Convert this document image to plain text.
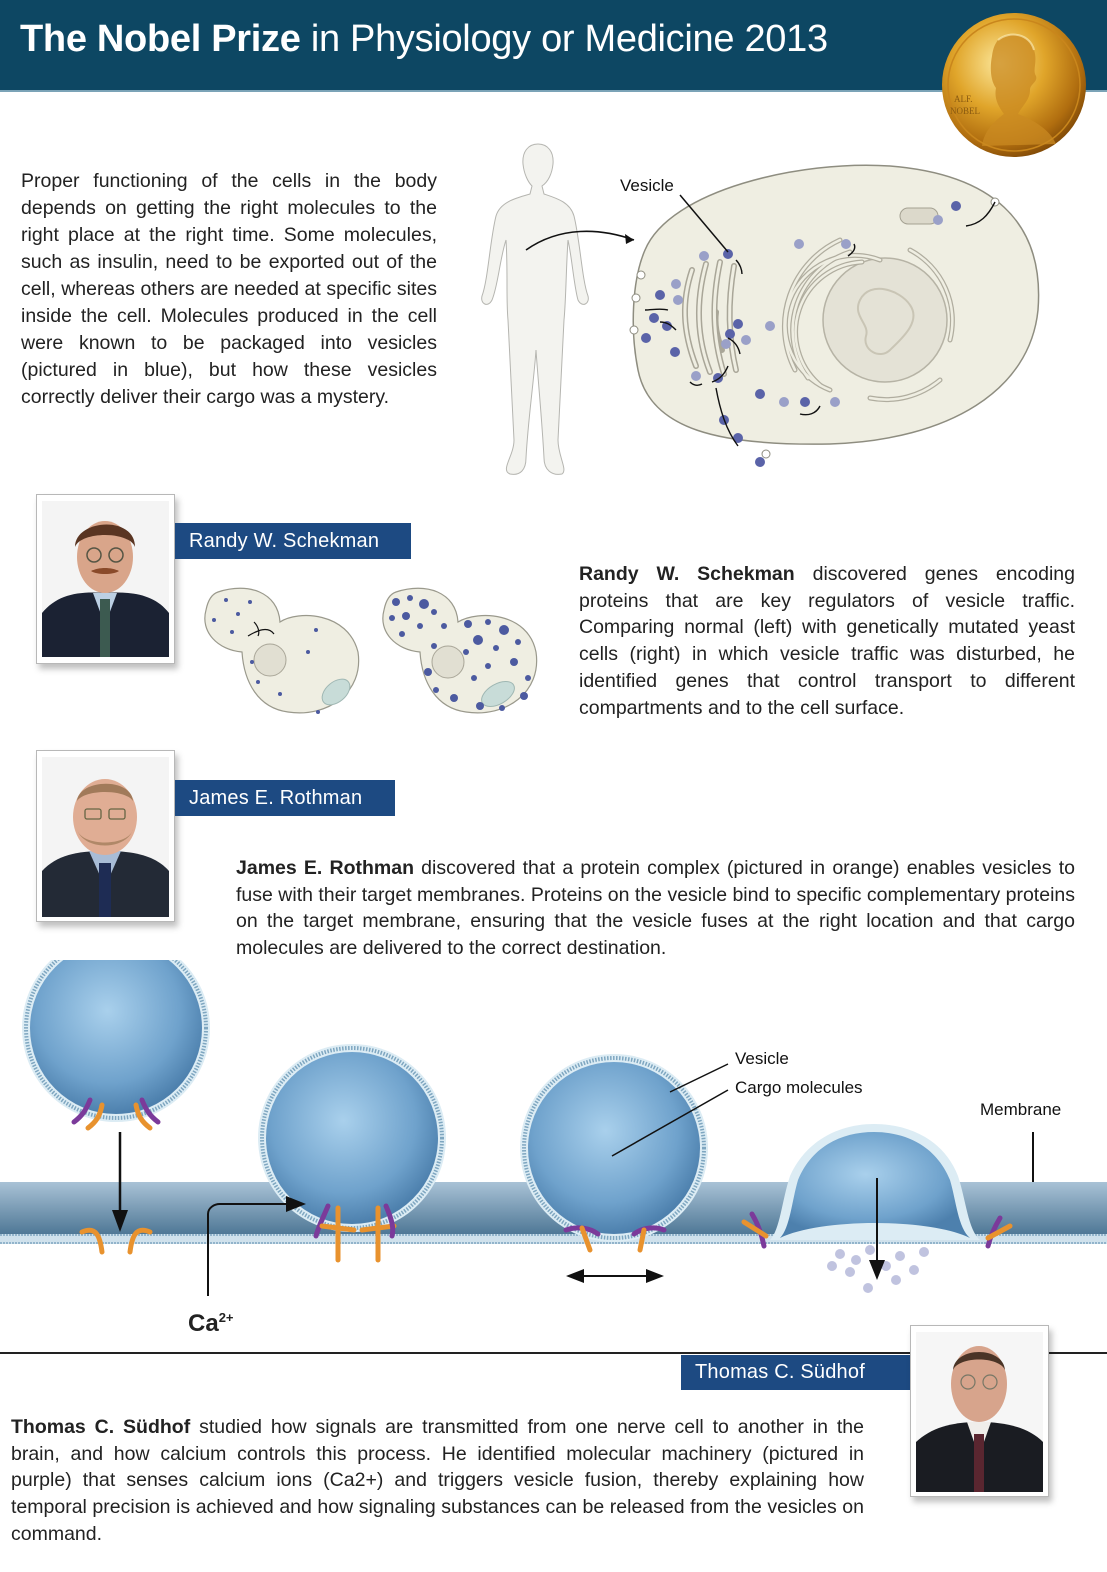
The Nobel Prize in Physiology or Medicine 2013
ALF.
NOBEL
Proper functioning of the cells in the body depends on getting the right molecules to the right place at the right time. Some molecules, such as insulin, need to be exported out of the cell, whereas others are needed at specific sites inside the cell. Molecules produced in the cell were known to be packaged into vesicles (pictured in blue), but how these vesicles correctly deliver their cargo was a mystery.
Vesicle
Randy W. Schekman
Randy W. Schekman discovered genes encoding proteins that are key regulators of vesicle traffic. Comparing normal (left) with genetically mutated yeast cells (right) in which vesicle traffic was disturbed, he identified genes that control transport to different compartments and to the cell surface.
James E. Rothman
James E. Rothman discovered that a protein complex (pictured in orange) enables vesicles to fuse with their target membranes. Proteins on the vesicle bind to specific complementary proteins on the target membrane, ensuring that the vesicle fuses at the right location and that cargo molecules are delivered to the correct destination.
Vesicle
Cargo molecules
Membrane
$Ca^{2+}$
Thomas C. Südhof
Thomas C. Südhof studied how signals are transmitted from one nerve cell to another in the brain, and how calcium controls this process. He identified molecular machinery (pictured in purple) that senses calcium ions (Ca2+) and triggers vesicle fusion, thereby explaining how temporal precision is achieved and how signaling substances can be released from the vesicles on command.
